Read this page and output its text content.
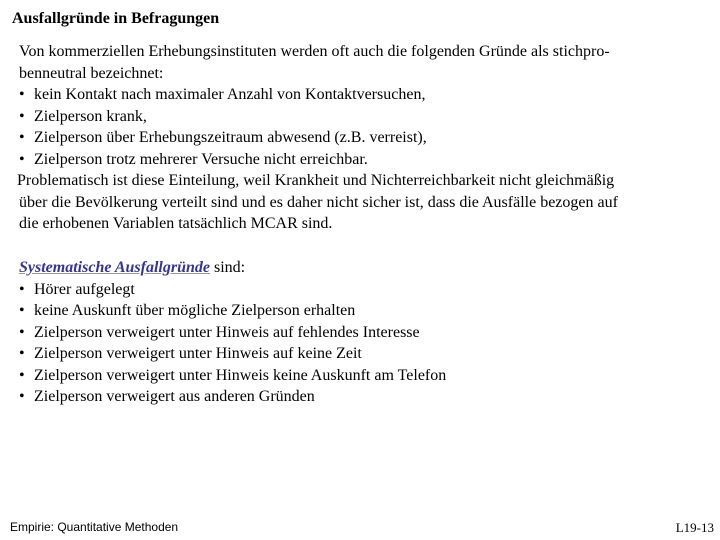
Ausfallgründe in Befragungen
Von kommerziellen Erhebungsinstituten werden oft auch die folgenden Gründe als stichpro-
benneutral bezeichnet:
• kein Kontakt nach maximaler Anzahl von Kontaktversuchen,
• Zielperson krank,
• Zielperson über Erhebungszeitraum abwesend (z.B. verreist),
• Zielperson trotz mehrerer Versuche nicht erreichbar.
Problematisch ist diese Einteilung, weil Krankheit und Nichterreichbarkeit nicht gleichmäßig
über die Bevölkerung verteilt sind und es daher nicht sicher ist, dass die Ausfälle bezogen auf
die erhobenen Variablen tatsächlich MCAR sind.
Systematische Ausfallgründe sind:
• Hörer aufgelegt
• keine Auskunft über mögliche Zielperson erhalten
• Zielperson verweigert unter Hinweis auf fehlendes Interesse
• Zielperson verweigert unter Hinweis auf keine Zeit
• Zielperson verweigert unter Hinweis keine Auskunft am Telefon
• Zielperson verweigert aus anderen Gründen
Empirie: Quantitative Methoden	L19-13
